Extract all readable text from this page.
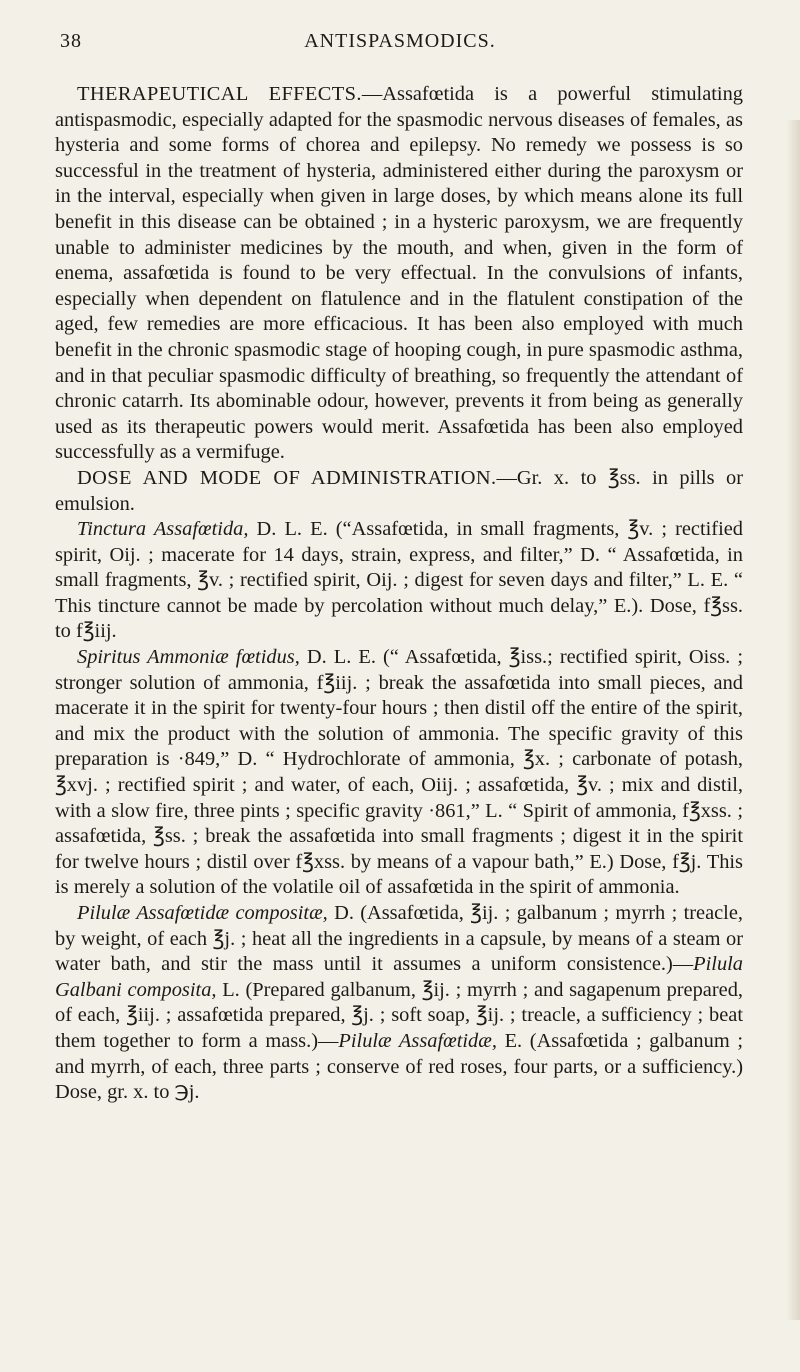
38	ANTISPASMODICS.

THERAPEUTICAL EFFECTS.—Assafœtida is a powerful stimulating antispasmodic, especially adapted for the spasmodic nervous diseases of females, as hysteria and some forms of chorea and epilepsy. No remedy we possess is so successful in the treatment of hysteria, administered either during the paroxysm or in the interval, especially when given in large doses, by which means alone its full benefit in this disease can be obtained ; in a hysteric paroxysm, we are frequently unable to administer medicines by the mouth, and when, given in the form of enema, assafœtida is found to be very effectual. In the convulsions of infants, especially when dependent on flatulence and in the flatulent constipation of the aged, few remedies are more efficacious. It has been also employed with much benefit in the chronic spasmodic stage of hooping cough, in pure spasmodic asthma, and in that peculiar spasmodic difficulty of breathing, so frequently the attendant of chronic catarrh. Its abominable odour, however, prevents it from being as generally used as its therapeutic powers would merit. Assafœtida has been also employed successfully as a vermifuge.

DOSE AND MODE OF ADMINISTRATION.—Gr. x. to ℥ss. in pills or emulsion.

Tinctura Assafœtida, D. L. E. (“Assafœtida, in small fragments, ℥v. ; rectified spirit, Oij. ; macerate for 14 days, strain, express, and filter,” D. “ Assafœtida, in small fragments, ℥v. ; rectified spirit, Oij. ; digest for seven days and filter,” L. E. “ This tincture cannot be made by percolation without much delay,” E.). Dose, f℥ss. to f℥iij.

Spiritus Ammoniæ fœtidus, D. L. E. (“ Assafœtida, ℥iss.; rectified spirit, Oiss. ; stronger solution of ammonia, f℥iij. ; break the assafœtida into small pieces, and macerate it in the spirit for twenty-four hours ; then distil off the entire of the spirit, and mix the product with the solution of ammonia. The specific gravity of this preparation is ·849,” D. “ Hydrochlorate of ammonia, ℥x. ; carbonate of potash, ℥xvj. ; rectified spirit ; and water, of each, Oiij. ; assafœtida, ℥v. ; mix and distil, with a slow fire, three pints ; specific gravity ·861,” L. “ Spirit of ammonia, f℥xss. ; assafœtida, ℥ss. ; break the assafœtida into small fragments ; digest it in the spirit for twelve hours ; distil over f℥xss. by means of a vapour bath,” E.) Dose, f℥j. This is merely a solution of the volatile oil of assafœtida in the spirit of ammonia.

Pilulæ Assafœtidæ compositæ, D. (Assafœtida, ℥ij. ; galbanum ; myrrh ; treacle, by weight, of each ℥j. ; heat all the ingredients in a capsule, by means of a steam or water bath, and stir the mass until it assumes a uniform consistence.)—Pilula Galbani composita, L. (Prepared galbanum, ℥ij. ; myrrh ; and sagapenum prepared, of each, ℥iij. ; assafœtida prepared, ℥j. ; soft soap, ℥ij. ; treacle, a sufficiency ; beat them together to form a mass.)—Pilulæ Assafœtidæ, E. (Assafœtida ; galbanum ; and myrrh, of each, three parts ; conserve of red roses, four parts, or a sufficiency.) Dose, gr. x. to ℈j.
